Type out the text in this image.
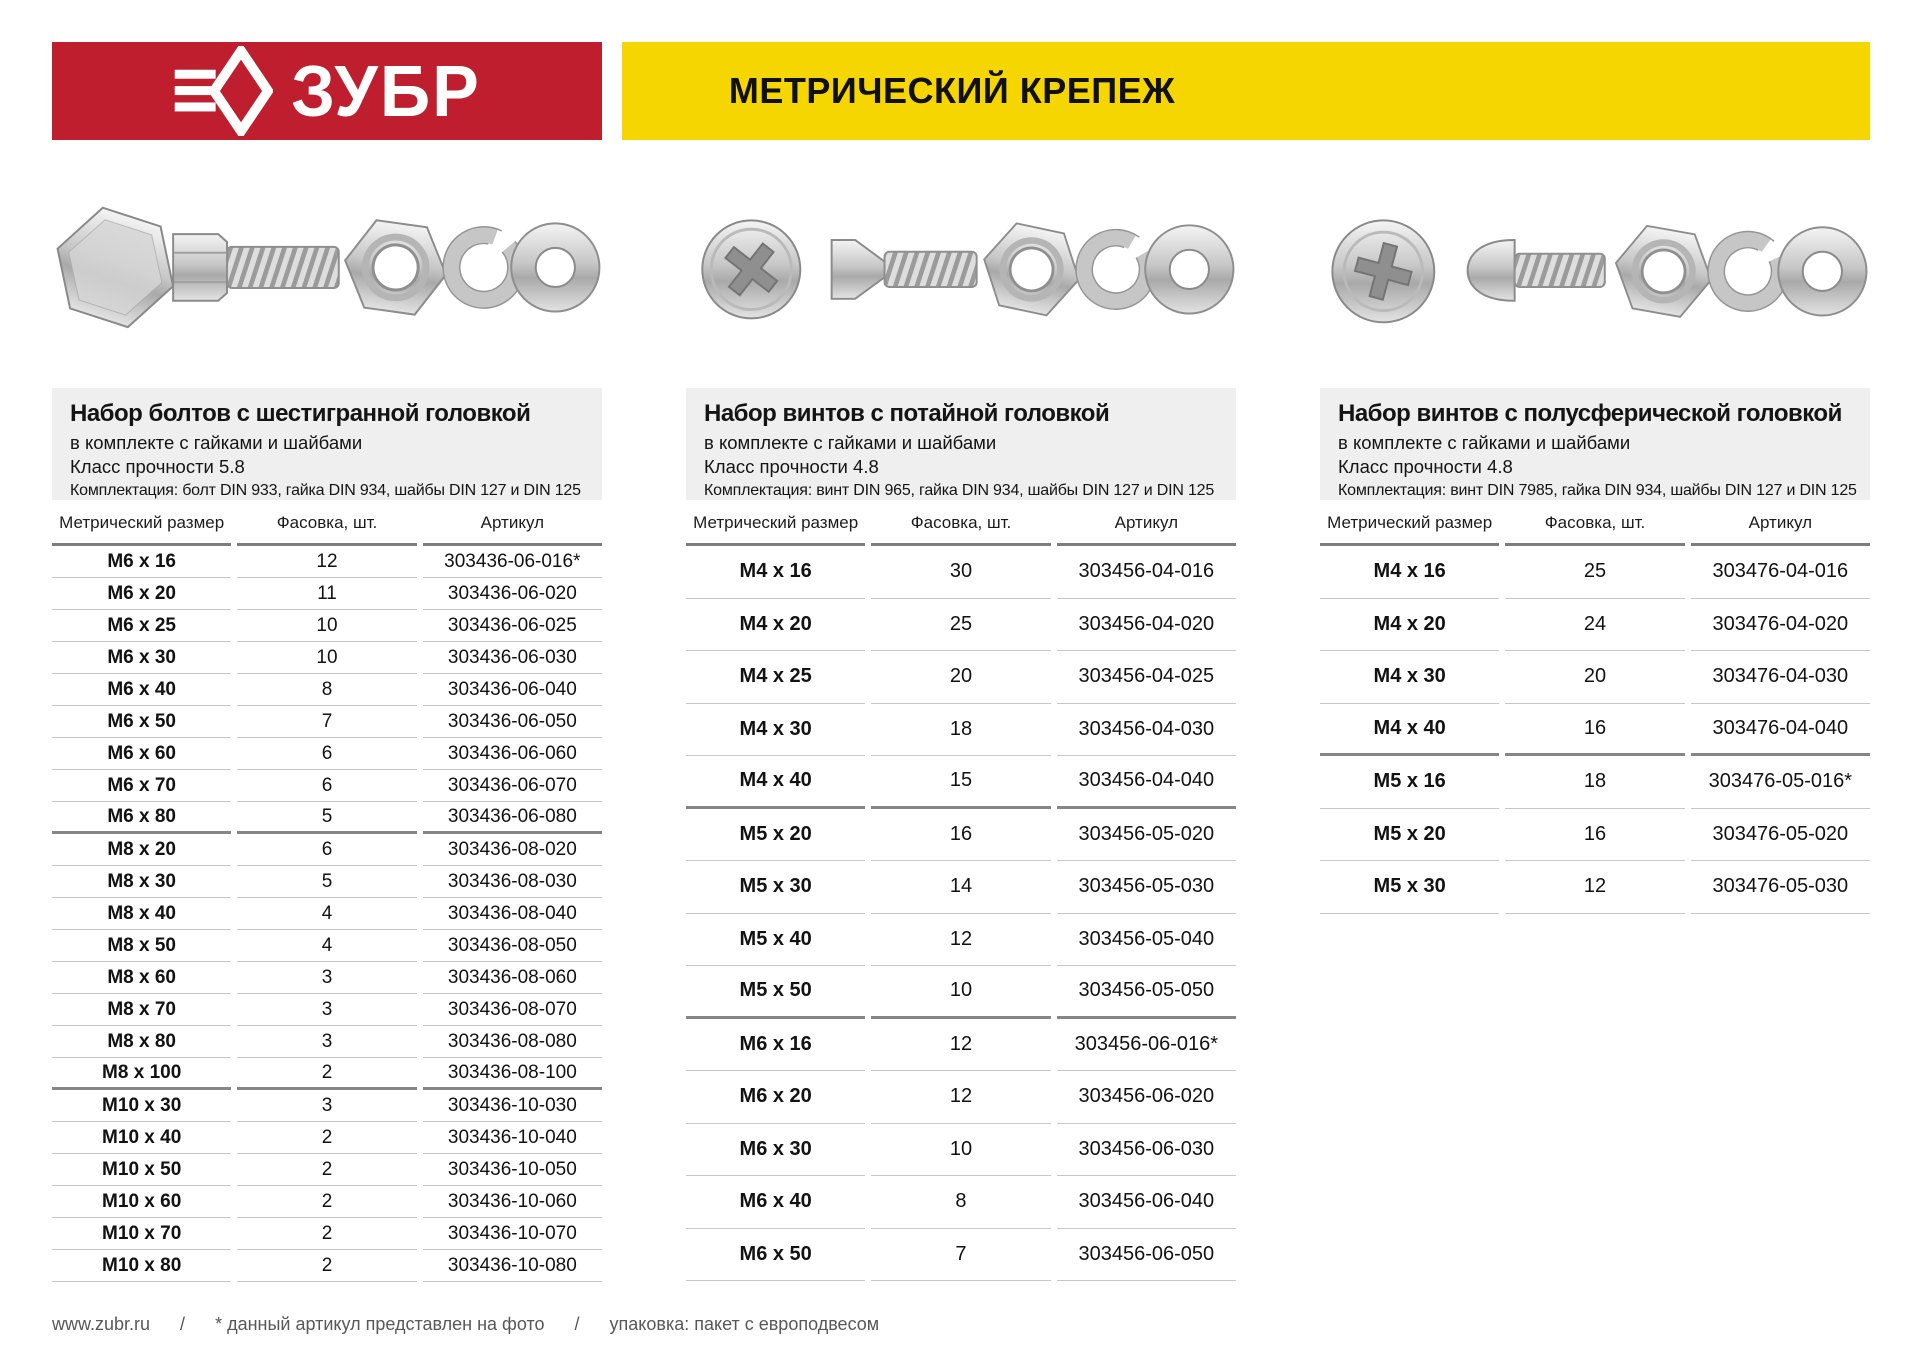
ЗУБР	МЕТРИЧЕСКИЙ КРЕПЕЖ
Набор болтов с шестигранной головкой

в комплекте с гайками и шайбами

Класс прочности 5.8

Комплектация: болт DIN 933, гайка DIN 934, шайбы DIN 127 и DIN 125

Метрический размер	Фасовка, шт.	Артикул
M6 x 16	12	303436-06-016*
M6 x 20	11	303436-06-020
M6 x 25	10	303436-06-025
M6 x 30	10	303436-06-030
M6 x 40	8	303436-06-040
M6 x 50	7	303436-06-050
M6 x 60	6	303436-06-060
M6 x 70	6	303436-06-070
M6 x 80	5	303436-06-080
M8 x 20	6	303436-08-020
M8 x 30	5	303436-08-030
M8 x 40	4	303436-08-040
M8 x 50	4	303436-08-050
M8 x 60	3	303436-08-060
M8 x 70	3	303436-08-070
M8 x 80	3	303436-08-080
M8 x 100	2	303436-08-100
M10 x 30	3	303436-10-030
M10 x 40	2	303436-10-040
M10 x 50	2	303436-10-050
M10 x 60	2	303436-10-060
M10 x 70	2	303436-10-070
M10 x 80	2	303436-10-080
Набор винтов с потайной головкой

в комплекте с гайками и шайбами

Класс прочности 4.8

Комплектация: винт DIN 965, гайка DIN 934, шайбы DIN 127 и DIN 125

Метрический размер	Фасовка, шт.	Артикул
M4 x 16	30	303456-04-016
M4 x 20	25	303456-04-020
M4 x 25	20	303456-04-025
M4 x 30	18	303456-04-030
M4 x 40	15	303456-04-040
M5 x 20	16	303456-05-020
M5 x 30	14	303456-05-030
M5 x 40	12	303456-05-040
M5 x 50	10	303456-05-050
M6 x 16	12	303456-06-016*
M6 x 20	12	303456-06-020
M6 x 30	10	303456-06-030
M6 x 40	8	303456-06-040
M6 x 50	7	303456-06-050
Набор винтов с полусферической головкой

в комплекте с гайками и шайбами

Класс прочности 4.8

Комплектация: винт DIN 7985, гайка DIN 934, шайбы DIN 127 и DIN 125

Метрический размер	Фасовка, шт.	Артикул
M4 x 16	25	303476-04-016
M4 x 20	24	303476-04-020
M4 x 30	20	303476-04-030
M4 x 40	16	303476-04-040
M5 x 16	18	303476-05-016*
M5 x 20	16	303476-05-020
M5 x 30	12	303476-05-030
www.zubr.ru / * данный артикул представлен на фото / упаковка: пакет с европодвесом
